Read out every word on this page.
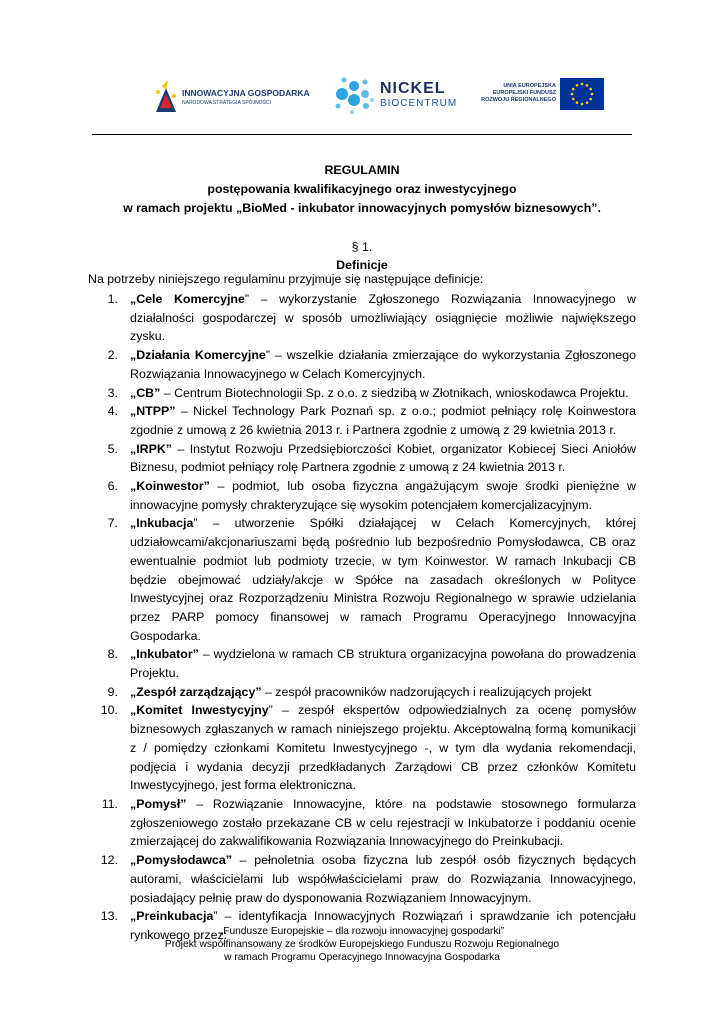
INNOWACYJNA GOSPODARKA
NARODOWA STRATEGIA SPÓJNOŚCI
NICKEL
BIOCENTRUM
UNIA EUROPEJSKA
EUROPEJSKI FUNDUSZ
ROZWOJU REGIONALNEGO
REGULAMIN
postępowania kwalifikacyjnego oraz inwestycyjnego
w ramach projektu „BioMed - inkubator innowacyjnych pomysłów biznesowych”.
§ 1.
Definicje
Na potrzeby niniejszego regulaminu przyjmuje się następujące definicje:
1. „Cele Komercyjne” – wykorzystanie Zgłoszonego Rozwiązania Innowacyjnego w działalności gospodarczej w sposób umożliwiający osiągnięcie możliwie największego zysku.
2. „Działania Komercyjne” – wszelkie działania zmierzające do wykorzystania Zgłoszonego Rozwiązania Innowacyjnego w Celach Komercyjnych.
3. „CB” – Centrum Biotechnologii Sp. z o.o. z siedzibą w Złotnikach, wnioskodawca Projektu.
4. „NTPP” – Nickel Technology Park Poznań sp. z o.o.; podmiot pełniący rolę Koinwestora zgodnie z umową z 26 kwietnia 2013 r. i Partnera zgodnie z umową z 29 kwietnia 2013 r.
5. „IRPK” – Instytut Rozwoju Przedsiębiorczości Kobiet, organizator Kobiecej Sieci Aniołów Biznesu, podmiot pełniący rolę Partnera zgodnie z umową z 24 kwietnia 2013 r.
6. „Koinwestor” – podmiot, lub osoba fizyczna angażującym swoje środki pieniężne w innowacyjne pomysły chrakteryzujące się wysokim potencjałem komercjalizacyjnym.
7. „Inkubacja” – utworzenie Spółki działającej w Celach Komercyjnych, której udziałowcami/akcjonariuszami będą pośrednio lub bezpośrednio Pomysłodawca, CB oraz ewentualnie podmiot lub podmioty trzecie, w tym Koinwestor. W ramach Inkubacji CB będzie obejmować udziały/akcje w Spółce na zasadach określonych w Polityce Inwestycyjnej oraz Rozporządzeniu Ministra Rozwoju Regionalnego w sprawie udzielania przez PARP pomocy finansowej w ramach Programu Operacyjnego Innowacyjna Gospodarka.
8. „Inkubator” – wydzielona w ramach CB struktura organizacyjna powołana do prowadzenia Projektu.
9. „Zespół zarządzający” – zespół pracowników nadzorujących i realizujących projekt
10. „Komitet Inwestycyjny” – zespół ekspertów odpowiedzialnych za ocenę pomysłów biznesowych zgłaszanych w ramach niniejszego projektu. Akceptowalną formą komunikacji z / pomiędzy członkami Komitetu Inwestycyjnego -, w tym dla wydania rekomendacji, podjęcia i wydania decyzji przedkładanych Zarządowi CB przez członków Komitetu Inwestycyjnego, jest forma elektroniczna.
11. „Pomysł” – Rozwiązanie Innowacyjne, które na podstawie stosownego formularza zgłoszeniowego zostało przekazane CB w celu rejestracji w Inkubatorze i poddaniu ocenie zmierzającej do zakwalifikowania Rozwiązania Innowacyjnego do Preinkubacji.
12. „Pomysłodawca” – pełnoletnia osoba fizyczna lub zespół osób fizycznych będących autorami, właścicielami lub współwłaścicielami praw do Rozwiązania Innowacyjnego, posiadający pełnię praw do dysponowania Rozwiązaniem Innowacyjnym.
13. „Preinkubacja” – identyfikacja Innowacyjnych Rozwiązań i sprawdzanie ich potencjału rynkowego przez:
„Fundusze Europejskie – dla rozwoju innowacyjnej gospodarki”
Projekt współfinansowany ze środków Europejskiego Funduszu Rozwoju Regionalnego
w ramach Programu Operacyjnego Innowacyjna Gospodarka
